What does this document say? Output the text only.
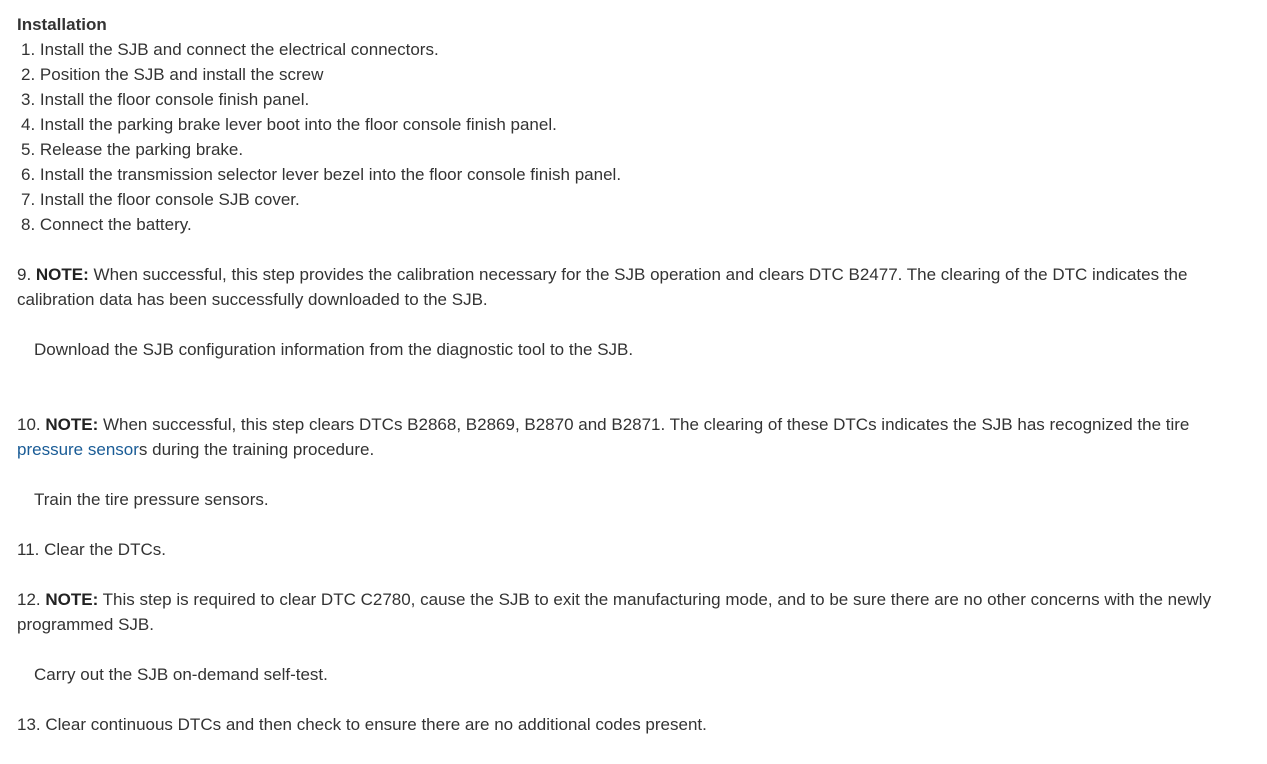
Installation
1. Install the SJB and connect the electrical connectors.
2. Position the SJB and install the screw
3. Install the floor console finish panel.
4. Install the parking brake lever boot into the floor console finish panel.
5. Release the parking brake.
6. Install the transmission selector lever bezel into the floor console finish panel.
7. Install the floor console SJB cover.
8. Connect the battery.
9. NOTE: When successful, this step provides the calibration necessary for the SJB operation and clears DTC B2477. The clearing of the DTC indicates the calibration data has been successfully downloaded to the SJB.
Download the SJB configuration information from the diagnostic tool to the SJB.
10. NOTE: When successful, this step clears DTCs B2868, B2869, B2870 and B2871. The clearing of these DTCs indicates the SJB has recognized the tire pressure sensors during the training procedure.
Train the tire pressure sensors.
11. Clear the DTCs.
12. NOTE: This step is required to clear DTC C2780, cause the SJB to exit the manufacturing mode, and to be sure there are no other concerns with the newly programmed SJB.
Carry out the SJB on-demand self-test.
13. Clear continuous DTCs and then check to ensure there are no additional codes present.
